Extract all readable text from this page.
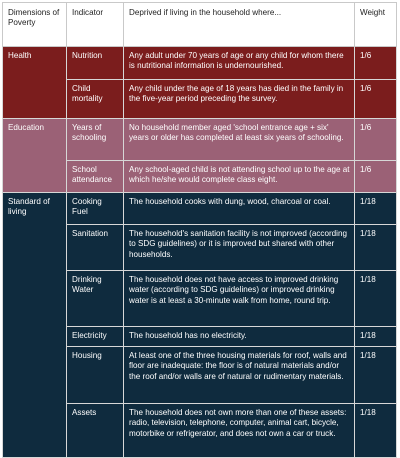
Dimensions of Poverty	Indicator	Deprived if living in the household where...	Weight
Health	Nutrition	Any adult under 70 years of age or any child for whom there is nutritional information is undernourished.	1/6
	Child mortality	Any child under the age of 18 years has died in the family in the five-year period preceding the survey.	1/6
Education	Years of schooling	No household member aged 'school entrance age + six' years or older has completed at least six years of schooling.	1/6
	School attendance	Any school-aged child is not attending school up to the age at which he/she would complete class eight.	1/6
Standard of living	Cooking Fuel	The household cooks with dung, wood, charcoal or coal.	1/18
	Sanitation	The household's sanitation facility is not improved (according to SDG guidelines) or it is improved but shared with other households.	1/18
	Drinking Water	The household does not have access to improved drinking water (according to SDG guidelines) or improved drinking water is at least a 30-minute walk from home, round trip.	1/18
	Electricity	The household has no electricity.	1/18
	Housing	At least one of the three housing materials for roof, walls and floor are inadequate: the floor is of natural materials and/or the roof and/or walls are of natural or rudimentary materials.	1/18
	Assets	The household does not own more than one of these assets: radio, television, telephone, computer, animal cart, bicycle, motorbike or refrigerator, and does not own a car or truck.	1/18
